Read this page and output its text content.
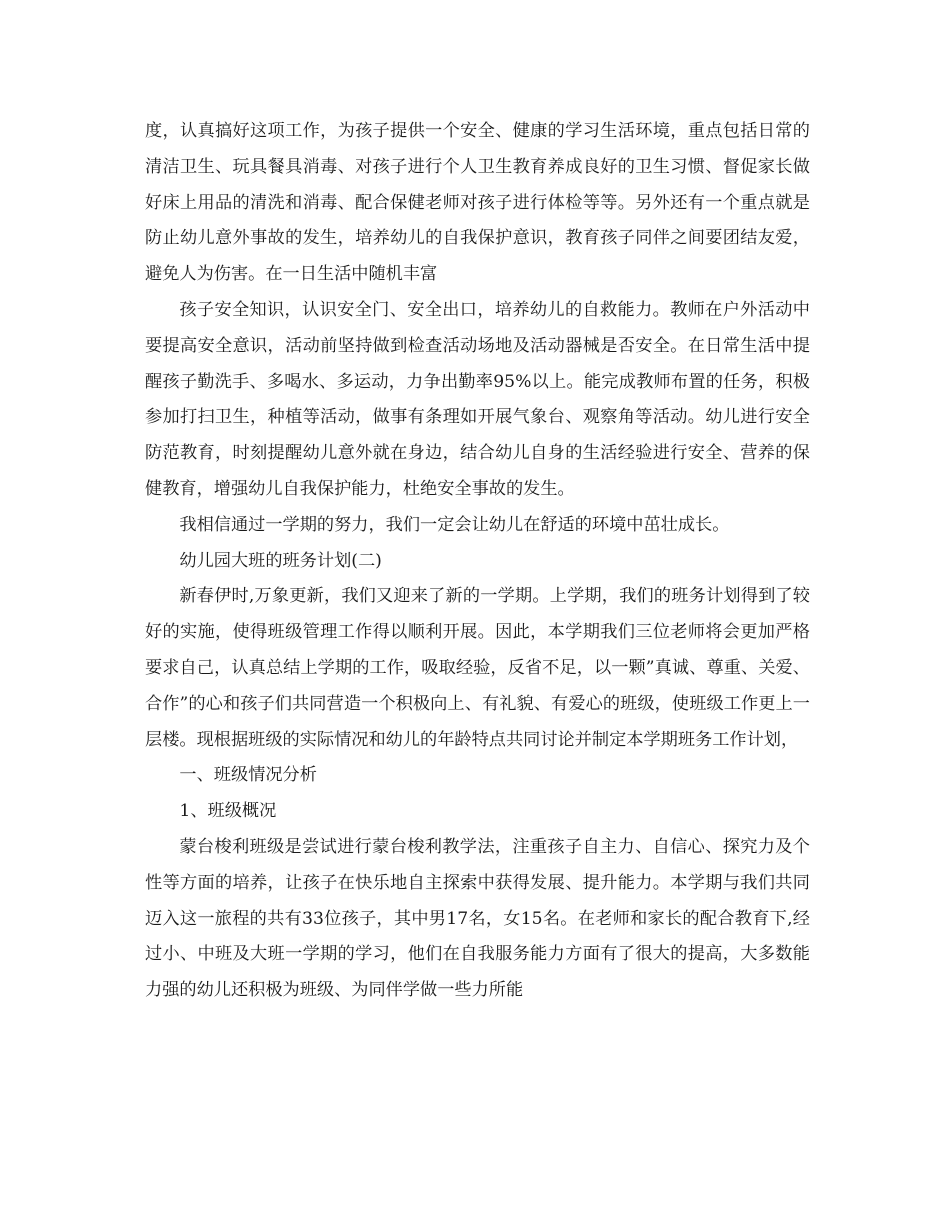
度，认真搞好这项工作，为孩子提供一个安全、健康的学习生活环境，重点包括日常的清洁卫生、玩具餐具消毒、对孩子进行个人卫生教育养成良好的卫生习惯、督促家长做好床上用品的清洗和消毒、配合保健老师对孩子进行体检等等。另外还有一个重点就是防止幼儿意外事故的发生，培养幼儿的自我保护意识，教育孩子同伴之间要团结友爱，避免人为伤害。在一日生活中随机丰富

孩子安全知识，认识安全门、安全出口，培养幼儿的自救能力。教师在户外活动中要提高安全意识，活动前坚持做到检查活动场地及活动器械是否安全。在日常生活中提醒孩子勤洗手、多喝水、多运动，力争出勤率95%以上。能完成教师布置的任务，积极参加打扫卫生，种植等活动，做事有条理如开展气象台、观察角等活动。幼儿进行安全防范教育，时刻提醒幼儿意外就在身边，结合幼儿自身的生活经验进行安全、营养的保健教育，增强幼儿自我保护能力，杜绝安全事故的发生。

我相信通过一学期的努力，我们一定会让幼儿在舒适的环境中茁壮成长。

幼儿园大班的班务计划(二)

新春伊时,万象更新，我们又迎来了新的一学期。上学期，我们的班务计划得到了较好的实施，使得班级管理工作得以顺利开展。因此，本学期我们三位老师将会更加严格要求自己，认真总结上学期的工作，吸取经验，反省不足，以一颗”真诚、尊重、关爱、合作”的心和孩子们共同营造一个积极向上、有礼貌、有爱心的班级，使班级工作更上一层楼。现根据班级的实际情况和幼儿的年龄特点共同讨论并制定本学期班务工作计划，

一、班级情况分析

1、班级概况

蒙台梭利班级是尝试进行蒙台梭利教学法，注重孩子自主力、自信心、探究力及个性等方面的培养，让孩子在快乐地自主探索中获得发展、提升能力。本学期与我们共同迈入这一旅程的共有33位孩子，其中男17名，女15名。在老师和家长的配合教育下,经过小、中班及大班一学期的学习，他们在自我服务能力方面有了很大的提高，大多数能力强的幼儿还积极为班级、为同伴学做一些力所能
